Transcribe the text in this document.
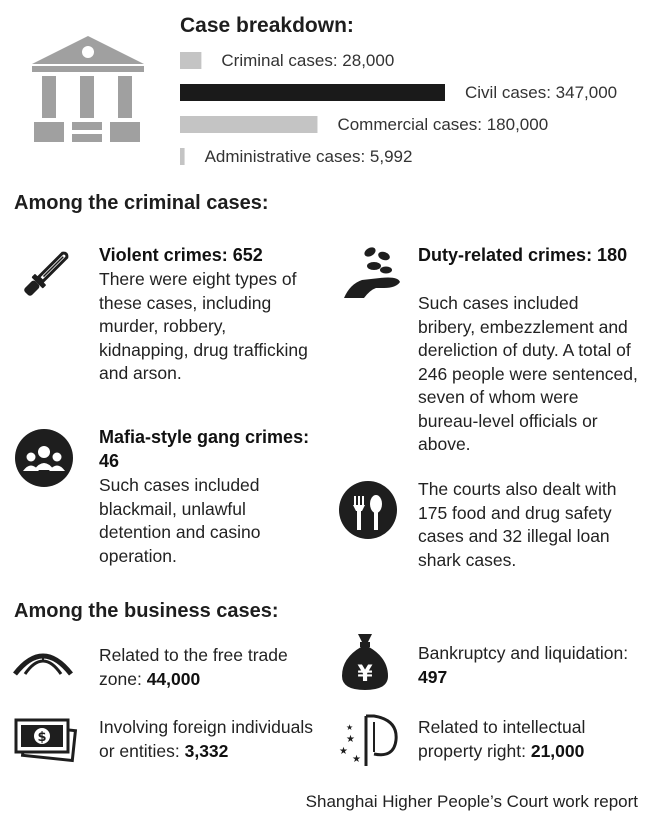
Case breakdown:
Criminal cases: 28,000
Civil cases: 347,000
Commercial cases: 180,000
Administrative cases: 5,992
Among the criminal cases:
Violent crimes: 652
There were eight types of these cases, including murder, robbery, kidnapping, drug trafficking and arson.
Duty-related crimes: 180
Such cases included bribery, embezzlement and dereliction of duty. A total of 246 people were sentenced, seven of whom were bureau-level officials or above.
Mafia-style gang crimes: 46
Such cases included blackmail, unlawful detention and casino operation.
The courts also dealt with 175 food and drug safety cases and 32 illegal loan shark cases.
Among the business cases:
Related to the free trade zone: 44,000	¥
Bankruptcy and liquidation: 497
$
Involving foreign individuals or entities: 3,332
★
★
★
★	Related to intellectual property right: 21,000
Shanghai Higher People’s Court work report
